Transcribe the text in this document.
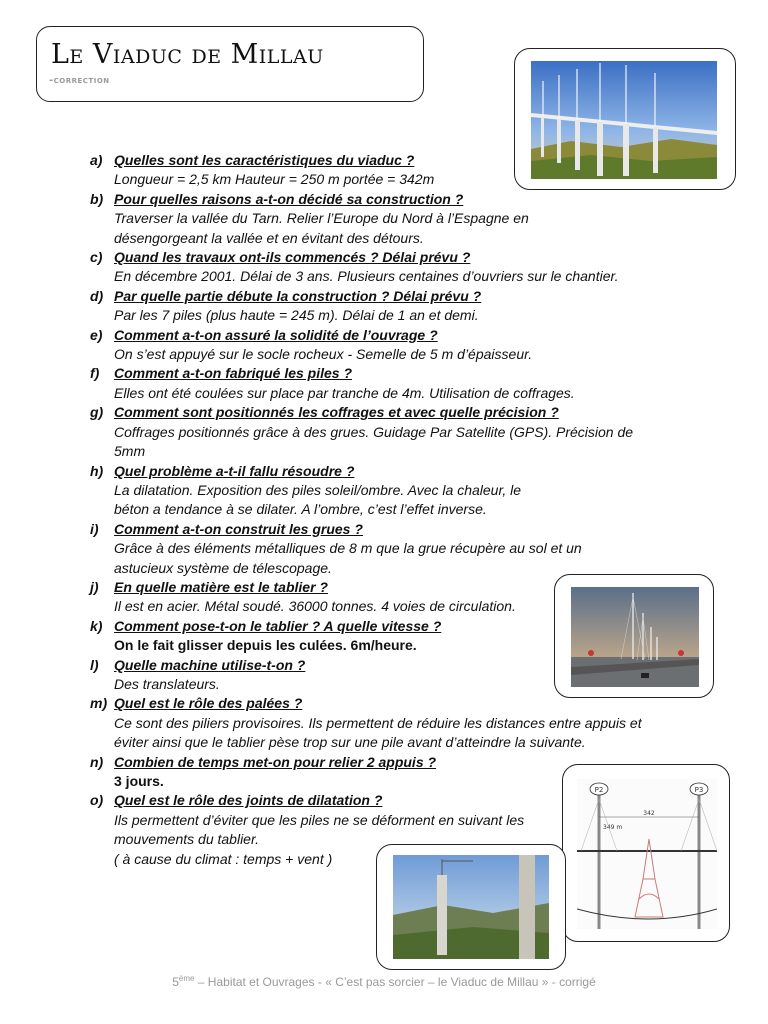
Le Viaduc de Millau
-correction
a) Quelles sont les caractéristiques du viaduc ?
Longueur = 2,5 km Hauteur = 250 m portée = 342m
b) Pour quelles raisons a-t-on décidé sa construction ?
Traverser la vallée du Tarn. Relier l’Europe du Nord à l’Espagne en désengorgeant la vallée et en évitant des détours.
c) Quand les travaux ont-ils commencés ? Délai prévu ?
En décembre 2001. Délai de 3 ans. Plusieurs centaines d’ouvriers sur le chantier.
d) Par quelle partie débute la construction ? Délai prévu ?
Par les 7 piles (plus haute = 245 m). Délai de 1 an et demi.
e) Comment a-t-on assuré la solidité de l’ouvrage ?
On s’est appuyé sur le socle rocheux - Semelle de 5 m d’épaisseur.
f) Comment a-t-on fabriqué les piles ?
Elles ont été coulées sur place par tranche de 4m. Utilisation de coffrages.
g) Comment sont positionnés les coffrages et avec quelle précision ?
Coffrages positionnés grâce à des grues. Guidage Par Satellite (GPS). Précision de 5mm
h) Quel problème a-t-il fallu résoudre ?
La dilatation. Exposition des piles soleil/ombre. Avec la chaleur, le béton a tendance à se dilater. A l’ombre, c’est l’effet inverse.
i) Comment a-t-on construit les grues ?
Grâce à des éléments métalliques de 8 m que la grue récupère au sol et un astucieux système de télescopage.
j) En quelle matière est le tablier ?
Il est en acier. Métal soudé. 36000 tonnes. 4 voies de circulation.
k) Comment pose-t-on le tablier ? A quelle vitesse ?
On le fait glisser depuis les culées. 6m/heure.
l) Quelle machine utilise-t-on ?
Des translateurs.
m) Quel est le rôle des palées ?
Ce sont des piliers provisoires. Ils permettent de réduire les distances entre appuis et éviter ainsi que le tablier pèse trop sur une pile avant d’atteindre la suivante.
n) Combien de temps met-on pour relier 2 appuis ?
3 jours.
o) Quel est le rôle des joints de dilatation ?
Ils permettent d’éviter que les piles ne se déforment en suivant les mouvements du tablier.
( à cause du climat : temps + vent )
P2	P3
342
349 m
5ème – Habitat et Ouvrages - « C’est pas sorcier – le Viaduc de Millau » - corrigé
